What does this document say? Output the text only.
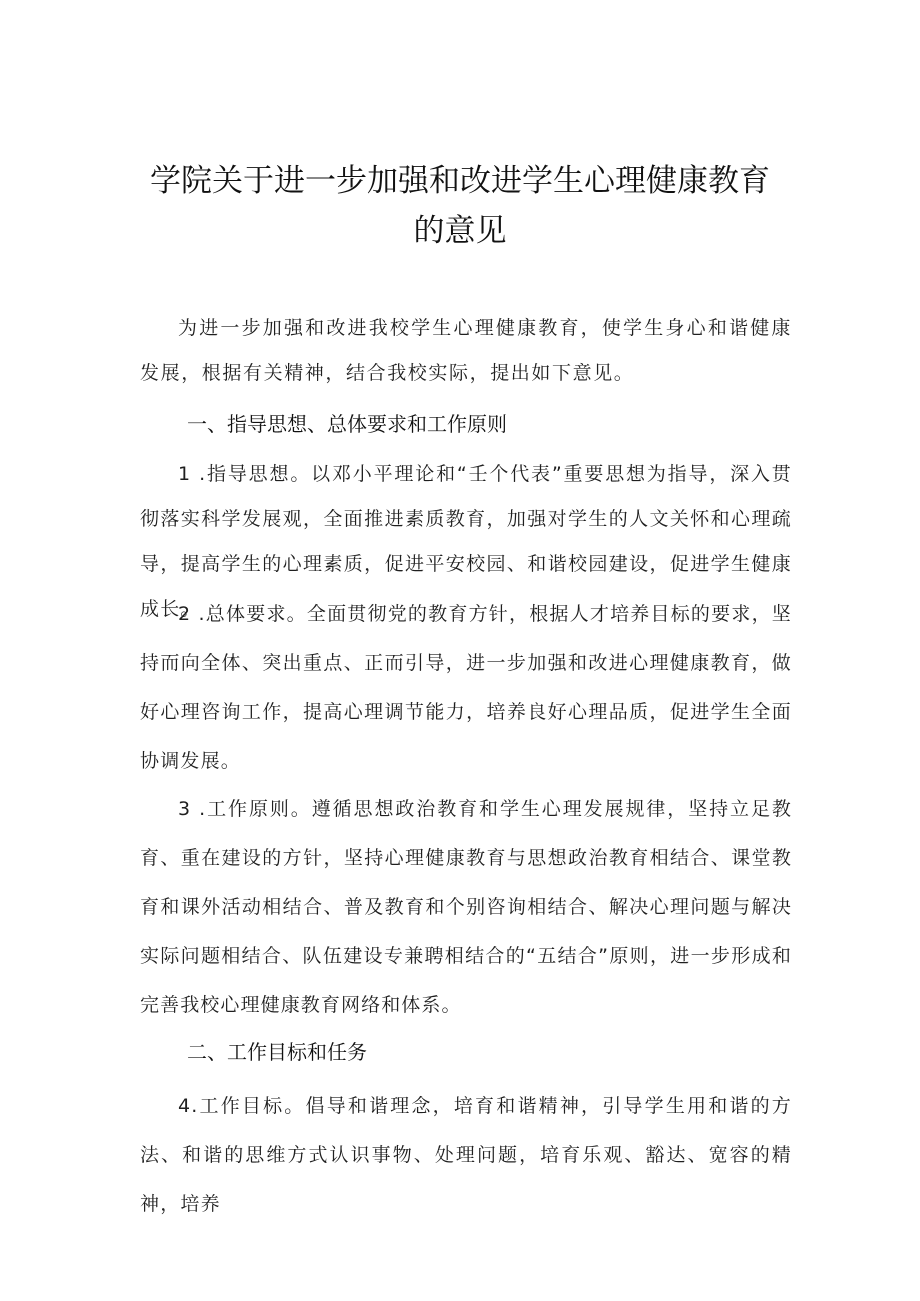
学院关于进一步加强和改进学生心理健康教育
的意见

为进一步加强和改进我校学生心理健康教育，使学生身心和谐健康发展，根据有关精神，结合我校实际，提出如下意见。

一、指导思想、总体要求和工作原则

1 .指导思想。以邓小平理论和“壬个代表”重要思想为指导，深入贯彻落实科学发展观，全面推进素质教育，加强对学生的人文关怀和心理疏导，提高学生的心理素质，促进平安校园、和谐校园建设，促进学生健康成长。

2 .总体要求。全面贯彻党的教育方针，根据人才培养目标的要求，坚持而向全体、突出重点、正而引导，进一步加强和改进心理健康教育，做好心理咨询工作，提高心理调节能力，培养良好心理品质，促进学生全面协调发展。

3 .工作原则。遵循思想政治教育和学生心理发展规律，坚持立足教育、重在建设的方针，坚持心理健康教育与思想政治教育相结合、课堂教育和课外活动相结合、普及教育和个别咨询相结合、解决心理问题与解决实际问题相结合、队伍建设专兼聘相结合的“五结合”原则，进一步形成和完善我校心理健康教育网络和体系。

二、工作目标和任务

4.工作目标。倡导和谐理念，培育和谐精神，引导学生用和谐的方法、和谐的思维方式认识事物、处理问题，培育乐观、豁达、宽容的精神，培养
